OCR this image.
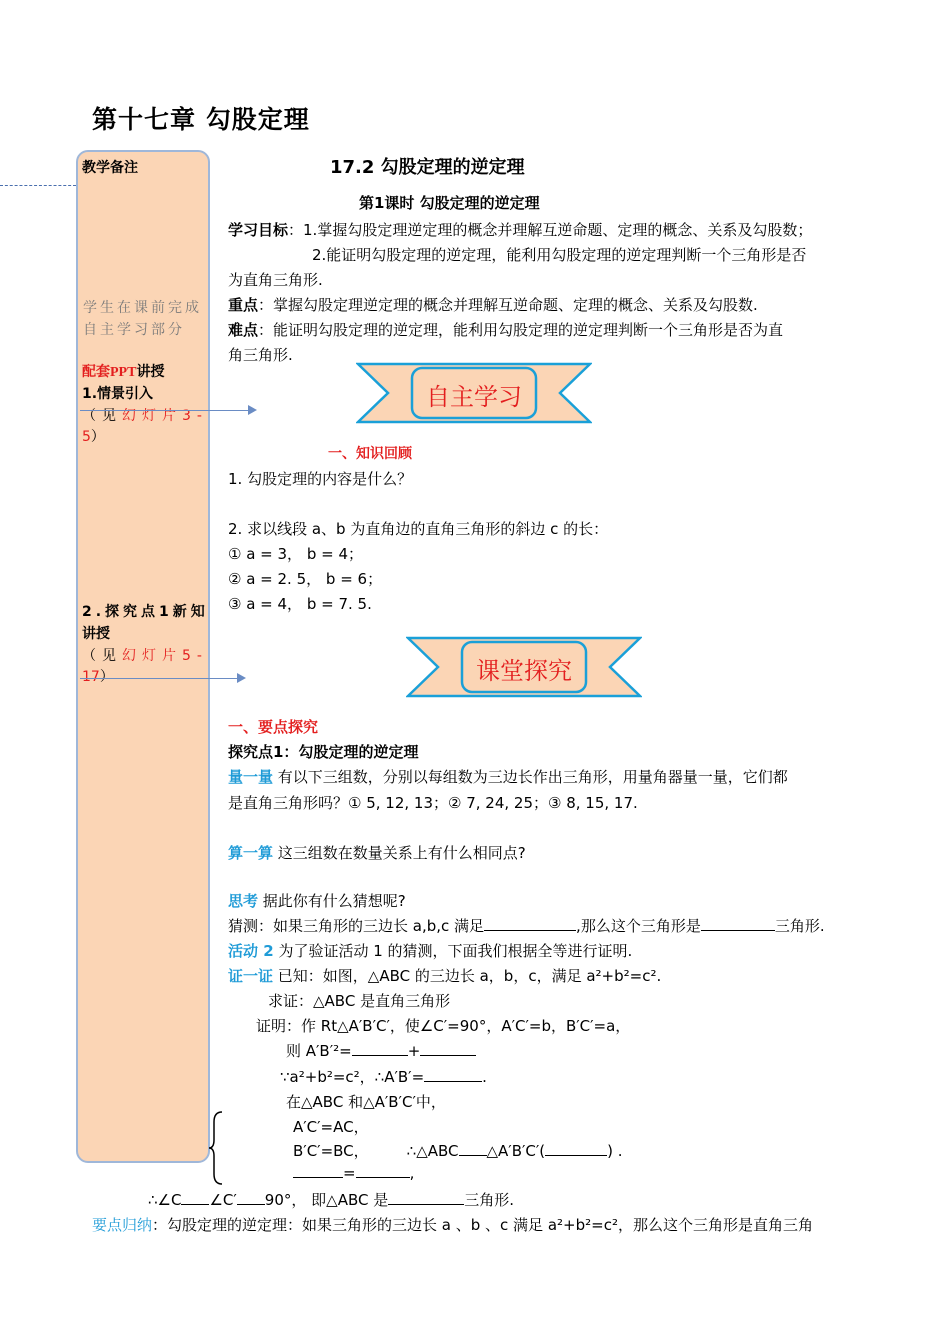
第十七章 勾股定理
教学备注
学生在课前完成
自主学习部分
配套PPT讲授
1.情景引入
（见幻灯片3-
5）
2.探究点1新知
讲授
（见幻灯片5-
17）
17.2 勾股定理的逆定理
第1课时 勾股定理的逆定理
学习目标：1.掌握勾股定理逆定理的概念并理解互逆命题、定理的概念、关系及勾股数；
2.能证明勾股定理的逆定理，能利用勾股定理的逆定理判断一个三角形是否
为直角三角形.
重点：掌握勾股定理逆定理的概念并理解互逆命题、定理的概念、关系及勾股数.
难点：能证明勾股定理的逆定理，能利用勾股定理的逆定理判断一个三角形是否为直
角三角形.
自主学习
一、知识回顾
1. 勾股定理的内容是什么？
2. 求以线段 a、b 为直角边的直角三角形的斜边 c 的长：
① a = 3， b = 4；
② a = 2. 5， b = 6；
③ a = 4， b = 7. 5.
课堂探究
一、要点探究
探究点1：勾股定理的逆定理
量一量 有以下三组数，分别以每组数为三边长作出三角形，用量角器量一量，它们都
是直角三角形吗？① 5, 12, 13；② 7, 24, 25；③ 8, 15, 17.
算一算 这三组数在数量关系上有什么相同点?
思考 据此你有什么猜想呢?
猜测：如果三角形的三边长 a,b,c 满足	,那么这个三角形是	三角形.
活动 2 为了验证活动 1 的猜测，下面我们根据全等进行证明.
证一证 已知：如图，△ABC 的三边长 a，b，c，满足 a²+b²=c².
求证：△ABC 是直角三角形
证明：作 Rt△A′B′C′，使∠C′=90°，A′C′=b，B′C′=a，
则 A′B′²=	+
∵a²+b²=c²，∴A′B′=	.
在△ABC 和△A′B′C′中，
A′C′=AC，
B′C′=BC，	∴△ABC △A′B′C′(	) .
=	,
∴∠C ∠C′ 90°， 即△ABC 是	三角形.
要点归纳：勾股定理的逆定理：如果三角形的三边长 a 、b 、c 满足 a²+b²=c²，那么这个三角形是直角三角
